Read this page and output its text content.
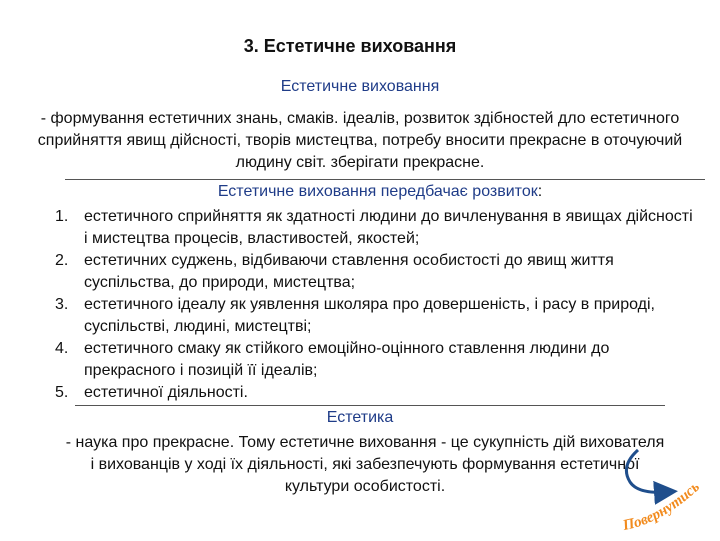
3. Естетичне виховання
Естетичне виховання
- формування естетичних знань, смаків. ідеалів, розвиток здібностей дло естетичного сприйняття явищ дійсності, творів мистецтва, потребу вносити прекрасне в оточуючий людину світ. зберігати прекрасне.
Естетичне виховання передбачає розвиток:
1. естетичного сприйняття як здатності людини до вичленування в явищах дійсності і мистецтва процесів, властивостей, якостей;
2. естетичних суджень, відбиваючи ставлення особистості до явищ життя суспільства, до природи, мистецтва;
3. естетичного ідеалу як уявлення школяра про довершеність, і расу в природі, суспільстві, людині, мистецтві;
4. естетичного смаку як стійкого емоційно-оцінного ставлення людини до прекрасного і позицій її ідеалів;
5. естетичної діяльності.
Естетика
- наука про прекрасне. Тому естетичне виховання - це сукупність дій вихователя і вихованців у ході їх діяльності, які забезпечують формування естетичної культури особистості.
Повернутись
